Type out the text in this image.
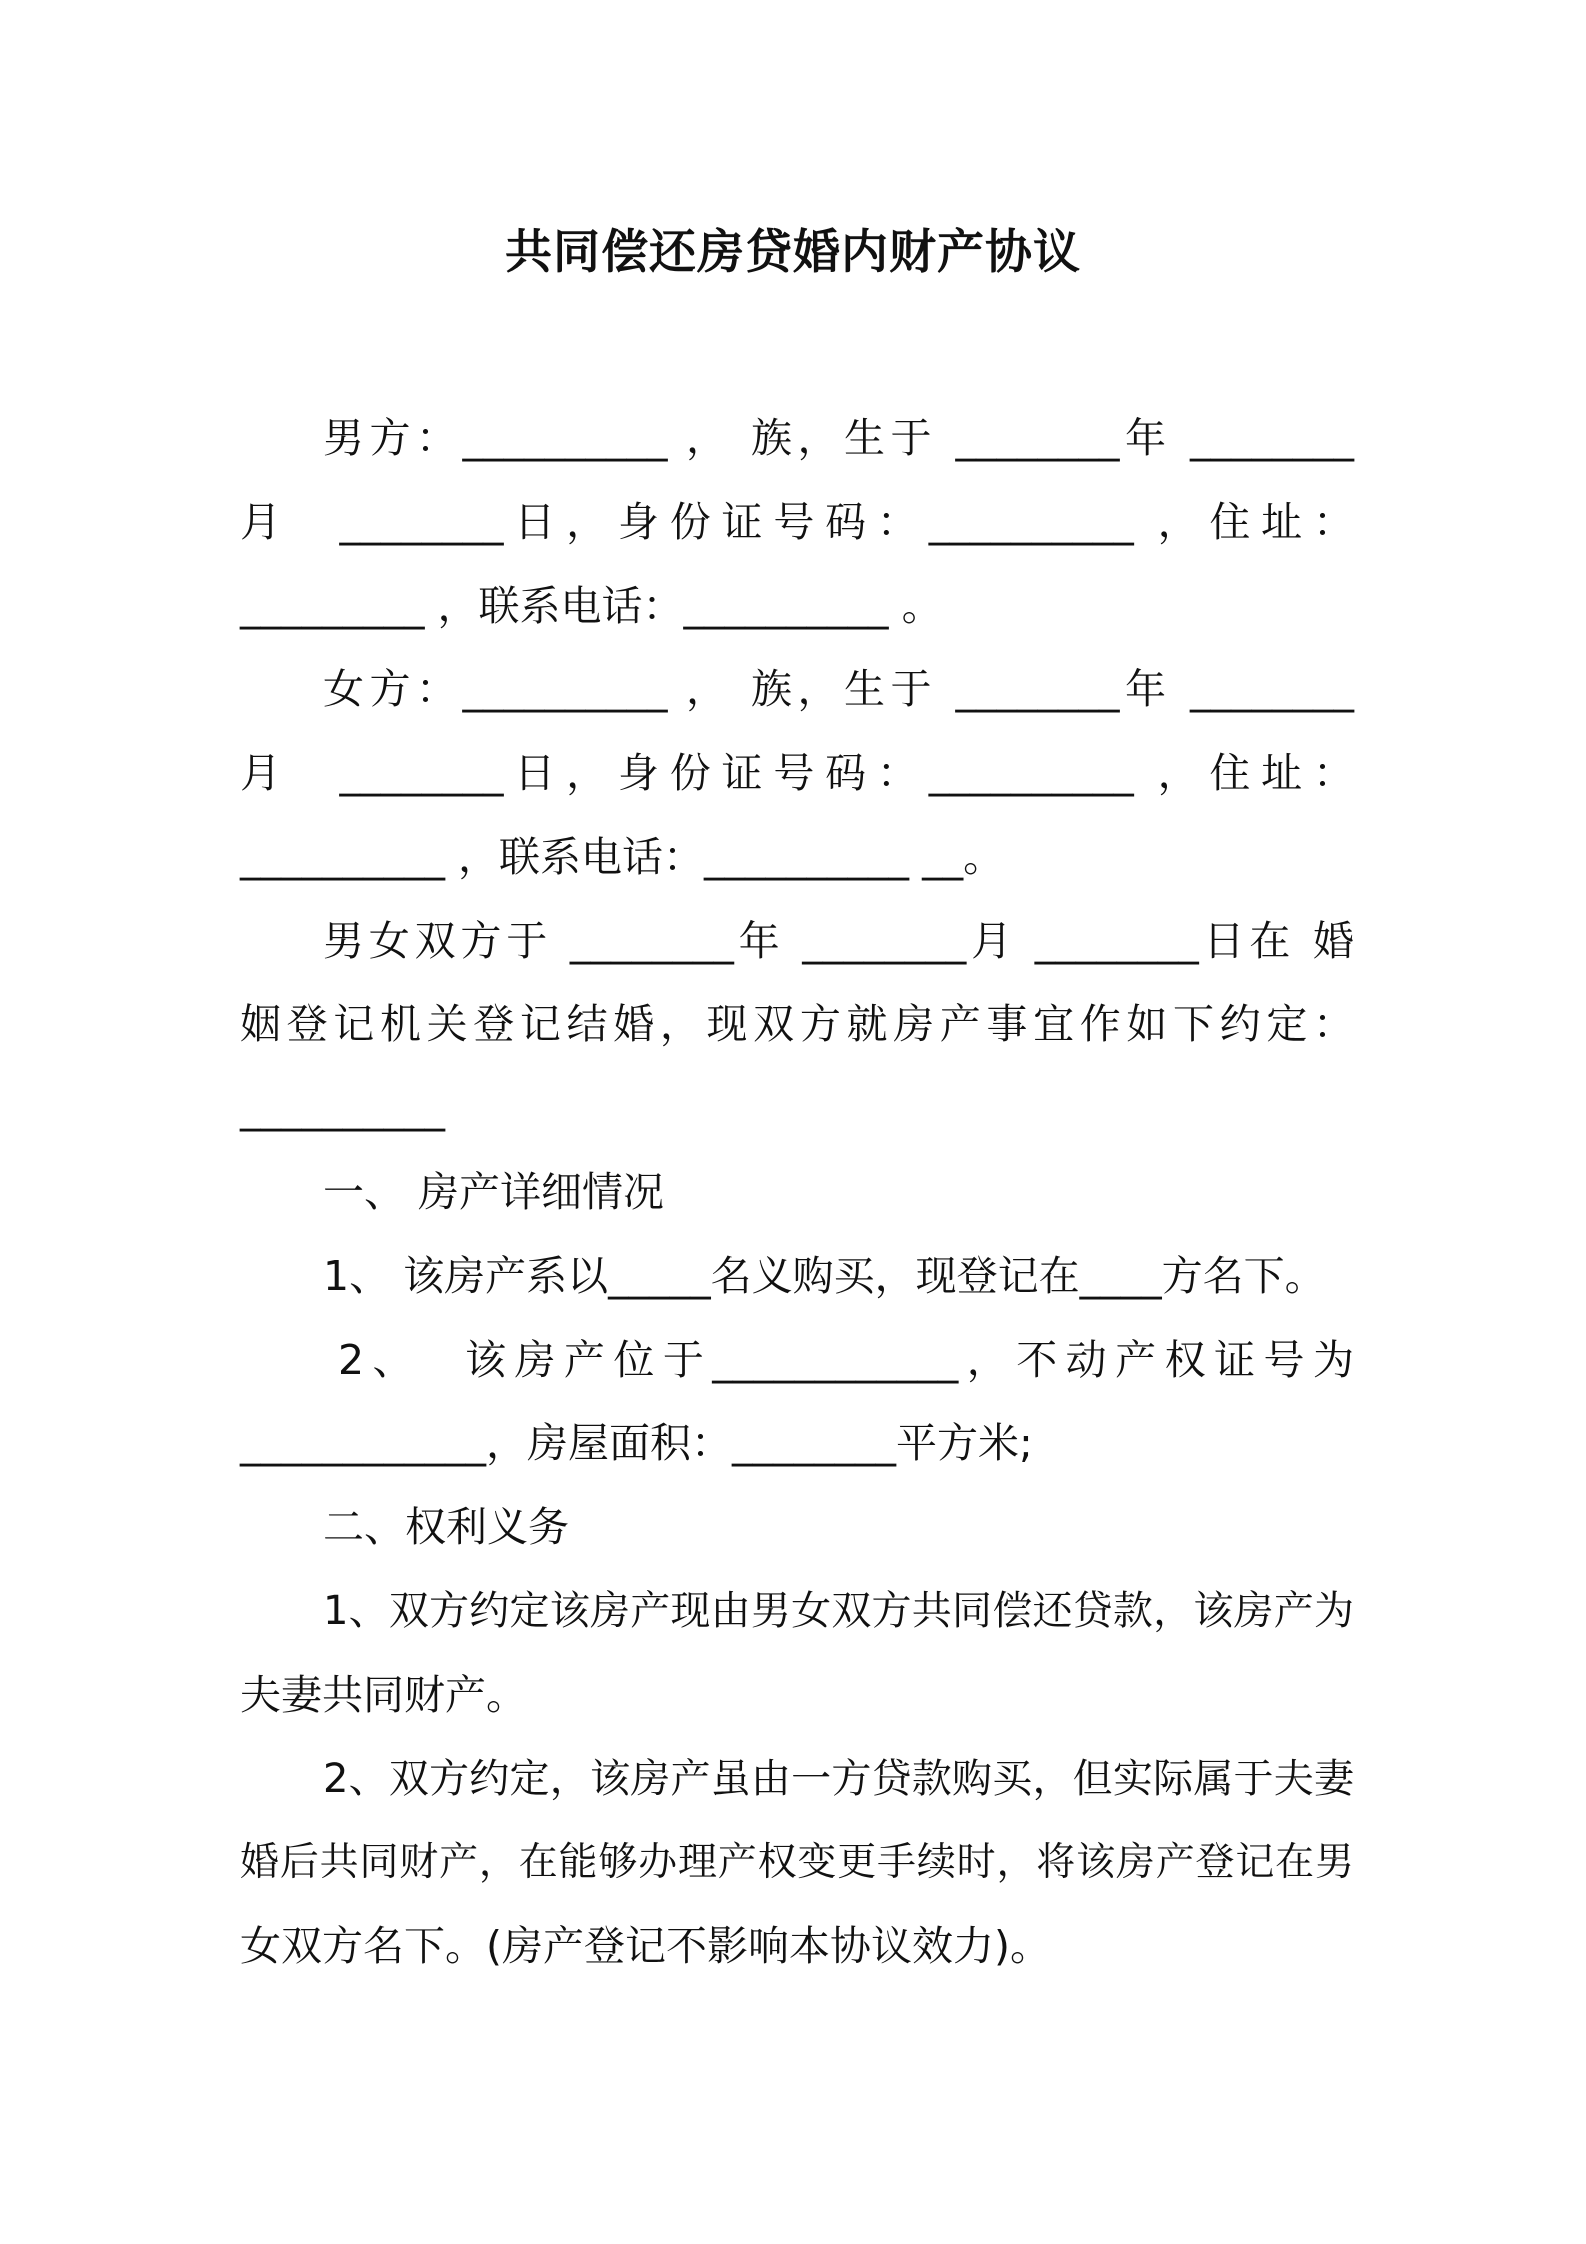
共同偿还房贷婚内财产协议
男方：__________ ， 族，生于 ________年 ________
月  ________日，身份证号码：__________ ，住址：
_________ ，联系电话：__________ 。
女方：__________ ， 族，生于 ________年 ________
月  ________日，身份证号码：__________ ，住址：
__________ ，联系电话：__________ __。
男女双方于 ________年 ________月 ________日在 婚
姻登记机关登记结婚，现双方就房产事宜作如下约定：
__________
一、 房产详细情况
1、 该房产系以_____名义购买，现登记在____方名下。
2、  该房产位于____________，不动产权证号为
____________，房屋面积：________平方米;
二、权利义务
1、双方约定该房产现由男女双方共同偿还贷款，该房产为
夫妻共同财产。
2、双方约定，该房产虽由一方贷款购买，但实际属于夫妻
婚后共同财产，在能够办理产权变更手续时，将该房产登记在男
女双方名下。(房产登记不影响本协议效力)。
